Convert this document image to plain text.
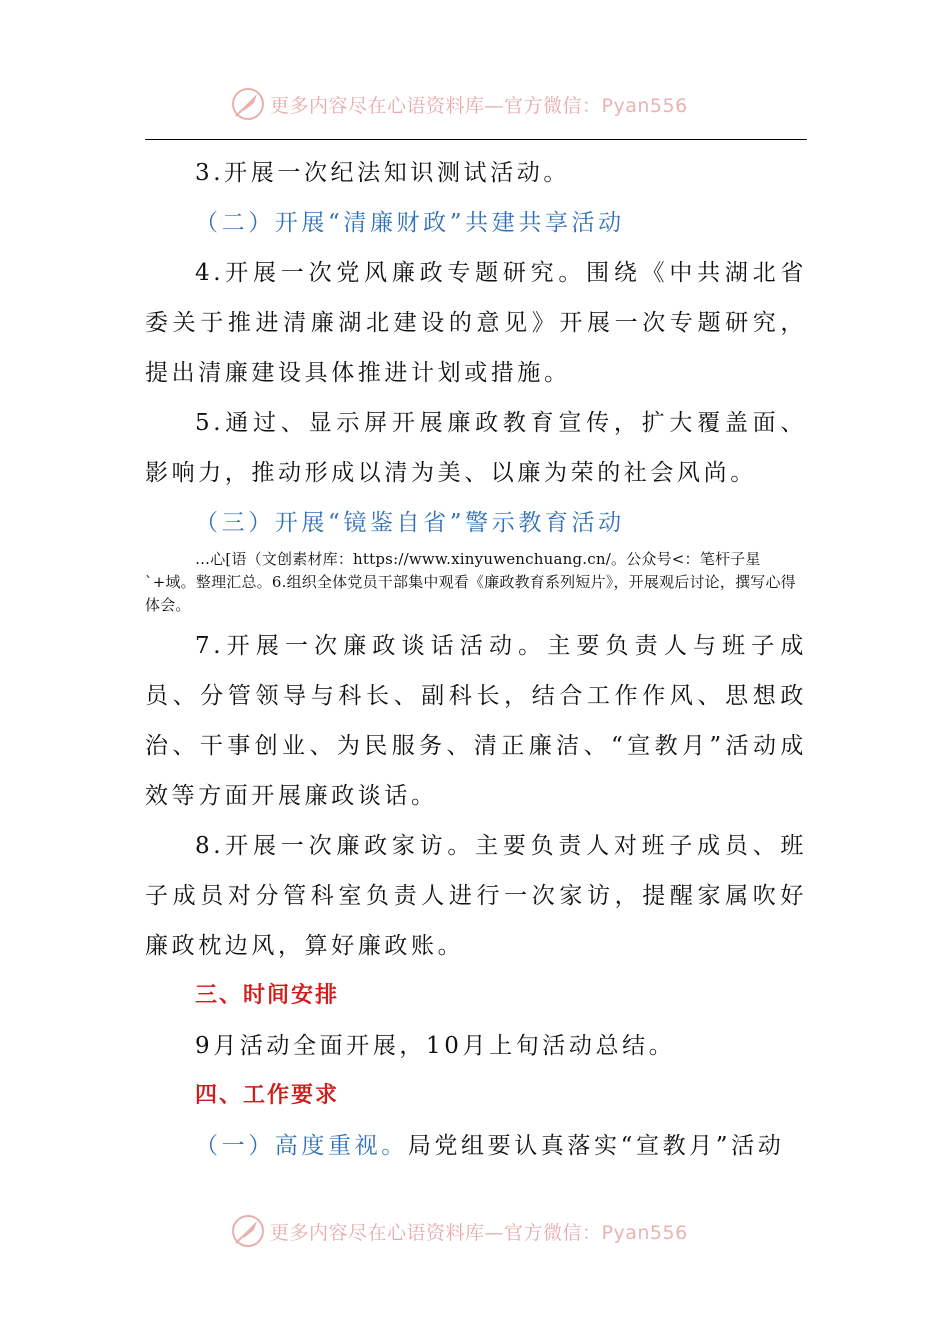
更多内容尽在心语资料库—官方微信：Pyan556

3.开展一次纪法知识测试活动。

（二）开展“清廉财政”共建共享活动

4.开展一次党风廉政专题研究。围绕《中共湖北省委关于推进清廉湖北建设的意见》开展一次专题研究，提出清廉建设具体推进计划或措施。

5.通过、显示屏开展廉政教育宣传，扩大覆盖面、影响力，推动形成以清为美、以廉为荣的社会风尚。

（三）开展“镜鉴自省”警示教育活动

…心[语（文创素材库：https://www.xinyuwenchuang.cn/。公众号<：笔杆子星`+域。整理汇总。6.组织全体党员干部集中观看《廉政教育系列短片》，开展观后讨论，撰写心得体会。

7.开展一次廉政谈话活动。主要负责人与班子成员、分管领导与科长、副科长，结合工作作风、思想政治、干事创业、为民服务、清正廉洁、“宣教月”活动成效等方面开展廉政谈话。

8.开展一次廉政家访。主要负责人对班子成员、班子成员对分管科室负责人进行一次家访，提醒家属吹好廉政枕边风，算好廉政账。

三、时间安排

9月活动全面开展，10月上旬活动总结。

四、工作要求

（一）高度重视。局党组要认真落实“宣教月”活动

更多内容尽在心语资料库—官方微信：Pyan556
